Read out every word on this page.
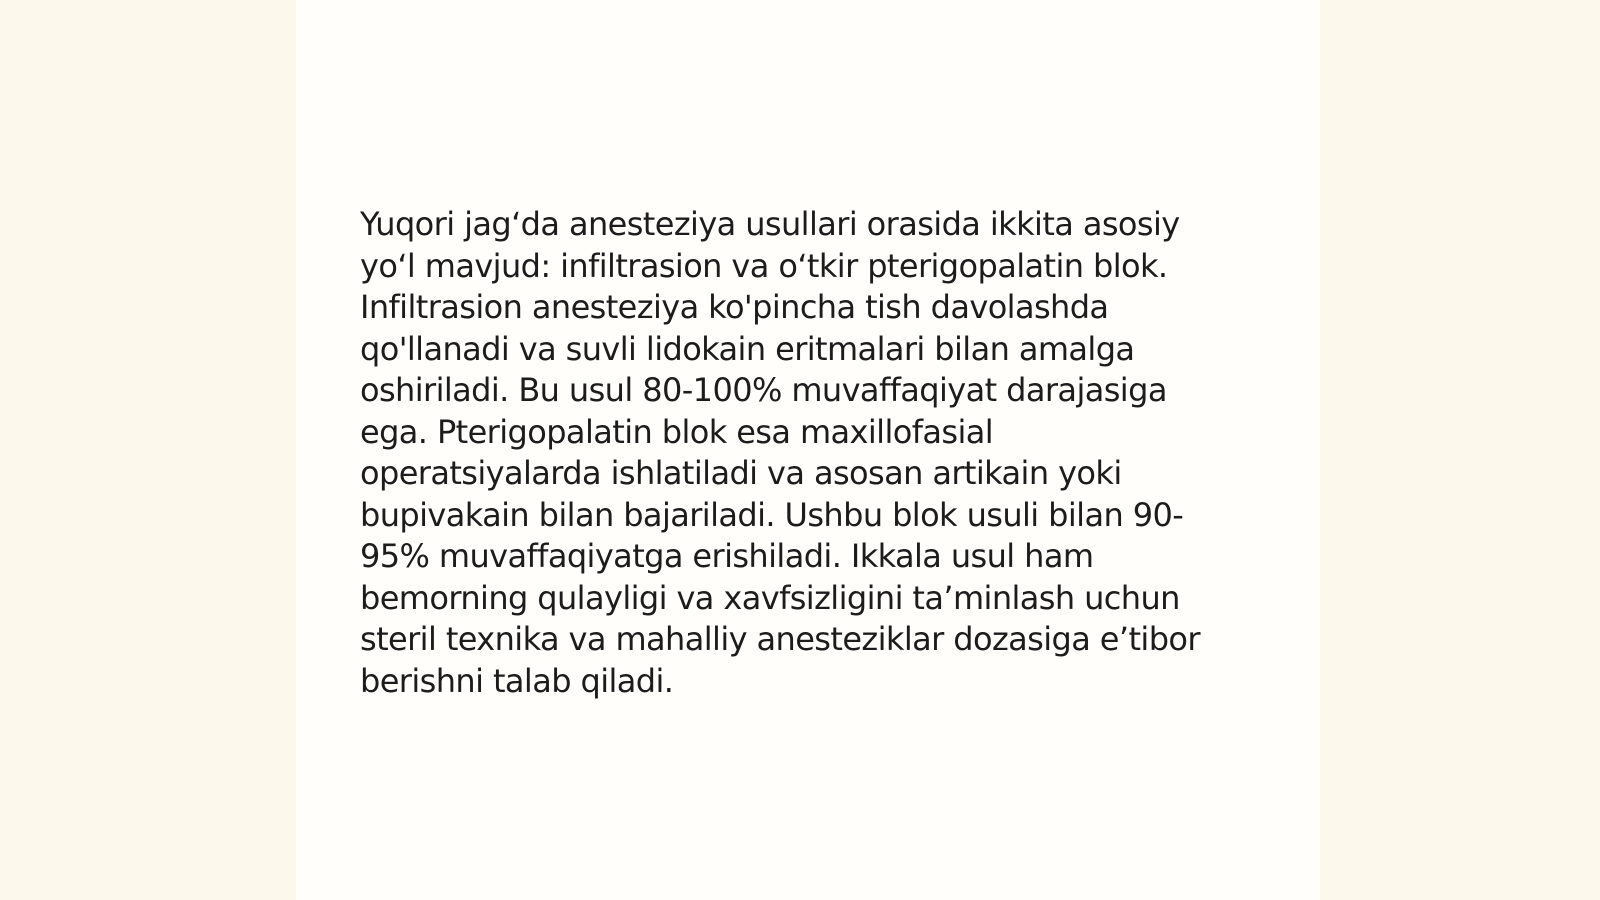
Yuqori jag‘da anesteziya usullari orasida ikkita asosiy
yo‘l mavjud: infiltrasion va o‘tkir pterigopalatin blok.
Infiltrasion anesteziya ko'pincha tish davolashda
qo'llanadi va suvli lidokain eritmalari bilan amalga
oshiriladi. Bu usul 80-100% muvaffaqiyat darajasiga
ega. Pterigopalatin blok esa maxillofasial
operatsiyalarda ishlatiladi va asosan artikain yoki
bupivakain bilan bajariladi. Ushbu blok usuli bilan 90-
95% muvaffaqiyatga erishiladi. Ikkala usul ham
bemorning qulayligi va xavfsizligini ta’minlash uchun
steril texnika va mahalliy anesteziklar dozasiga e’tibor
berishni talab qiladi.
